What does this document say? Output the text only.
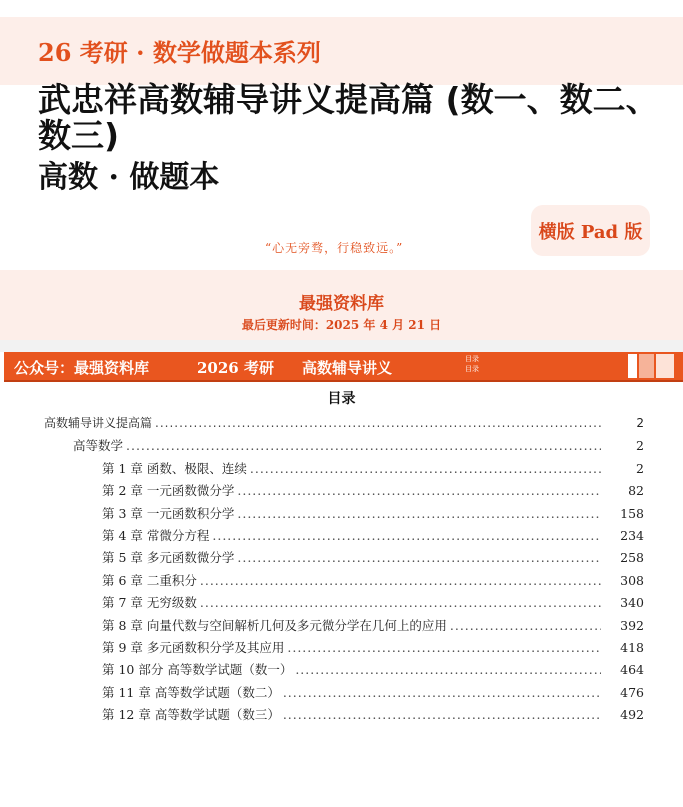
26 考研 · 数学做题本系列
武忠祥高数辅导讲义提高篇 (数一、数二、数三)
高数 · 做题本
横版 Pad 版
“心无旁骛，行稳致远。”
最强资料库
最后更新时间：2025 年 4 月 21 日
公众号：最强资料库	2026 考研 高数辅导讲义	目录
目录
目录
高数辅导讲义提高篇 .....	2
高等数学 .....	2
第 1 章 函数、极限、连续 .....	2
第 2 章 一元函数微分学 .....	82
第 3 章 一元函数积分学 .....	158
第 4 章 常微分方程 .....	234
第 5 章 多元函数微分学 .....	258
第 6 章 二重积分 .....	308
第 7 章 无穷级数 .....	340
第 8 章 向量代数与空间解析几何及多元微分学在几何上的应用 .....	392
第 9 章 多元函数积分学及其应用 .....	418
第 10 部分 高等数学试题（数一） .....	464
第 11 章 高等数学试题（数二） .....	476
第 12 章 高等数学试题（数三） .....	492
